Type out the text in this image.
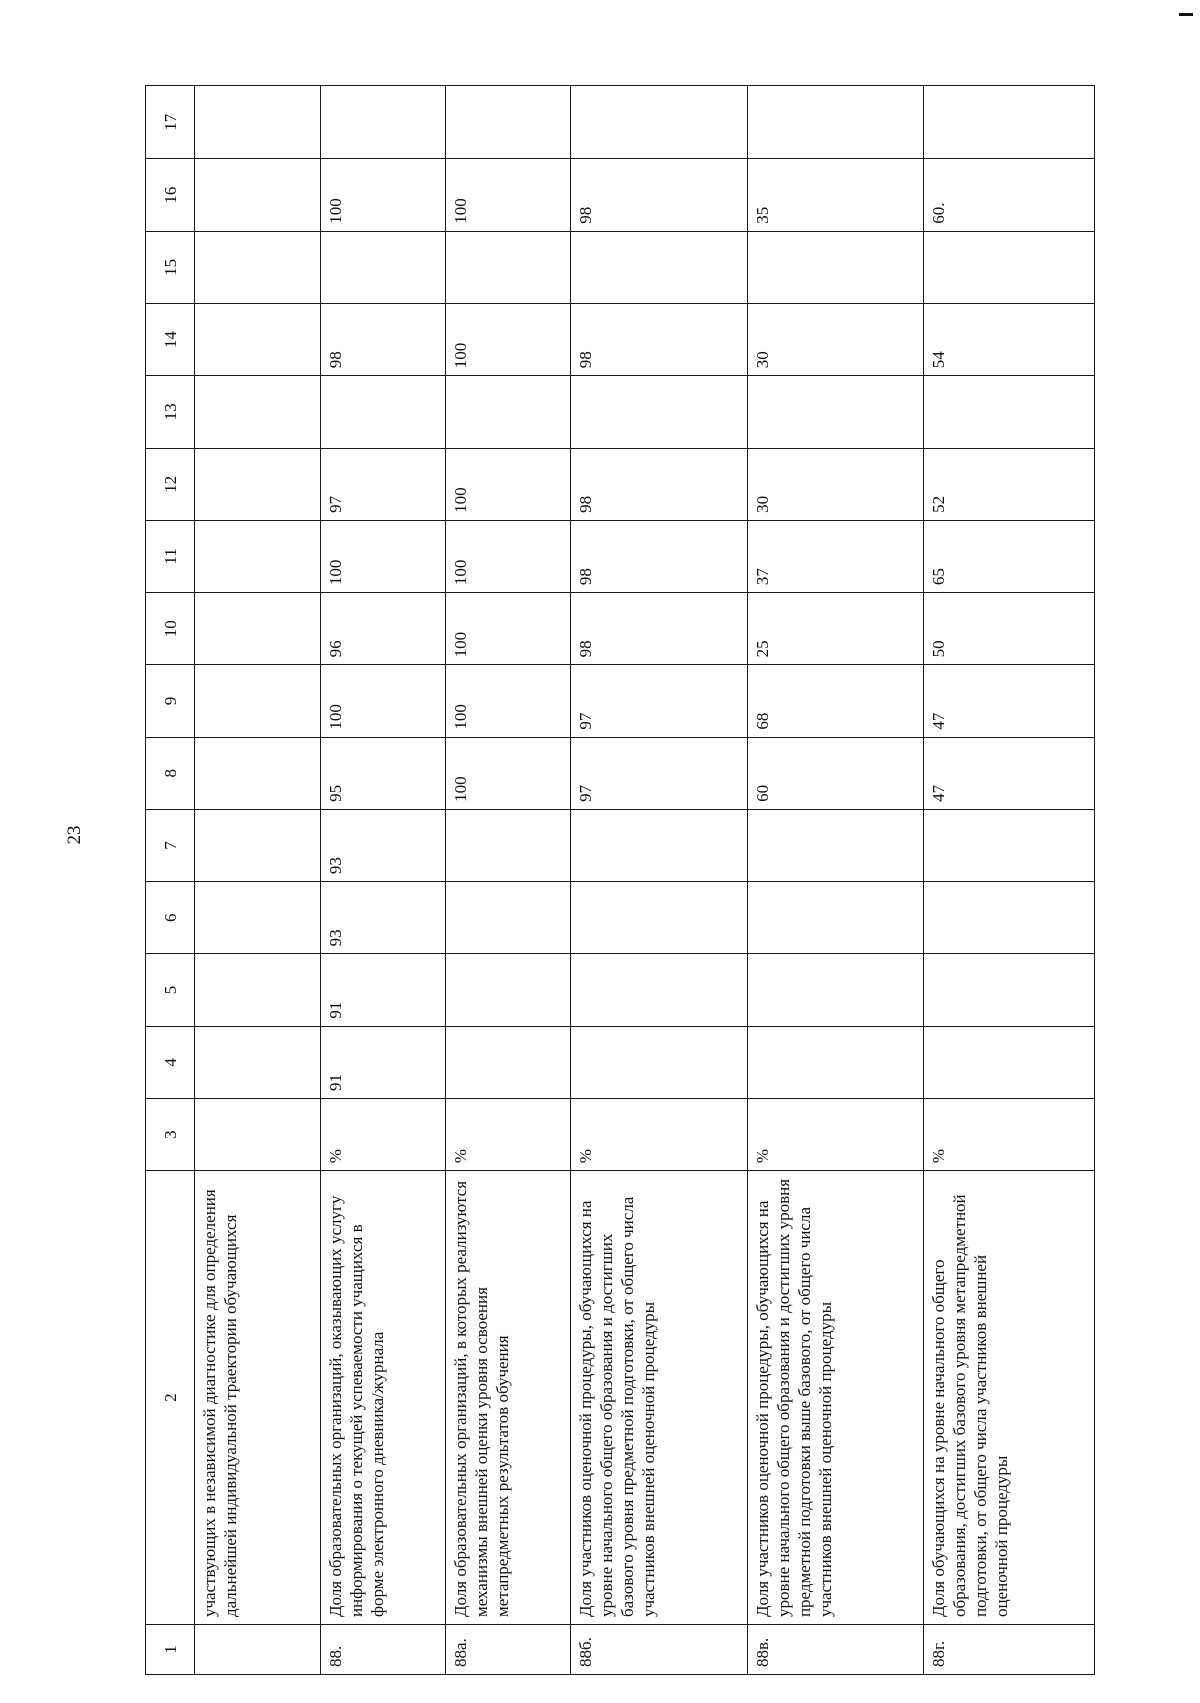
23
1	2	3	4	5	6	7	8	9	10	11	12	13	14	15	16	17
	участвующих в независимой диагностике для определения дальнейшей индивидуальной траектории обучающихся															
88.	Доля образовательных организаций, оказывающих услугу информирования о текущей успеваемости учащихся в форме электронного дневника/журнала	%	91	91	93	93	95	100	96	100	97		98		100	
88а.	Доля образовательных организаций, в которых реализуются механизмы внешней оценки уровня освоения метапредметных результатов обучения	%					100	100	100	100	100		100		100	
88б.	Доля участников оценочной процедуры, обучающихся на уровне начального общего образования и достигших базового уровня предметной подготовки, от общего числа участников внешней оценочной процедуры	%					97	97	98	98	98		98		98	
88в.	Доля участников оценочной процедуры, обучающихся на уровне начального общего образования и достигших уровня предметной подготовки выше базового, от общего числа участников внешней оценочной процедуры	%					60	68	25	37	30		30		35	
88г.	Доля обучающихся на уровне начального общего образования, достигших базового уровня метапредметной подготовки, от общего числа участников внешней оценочной процедуры	%					47	47	50	65	52		54		60.	
